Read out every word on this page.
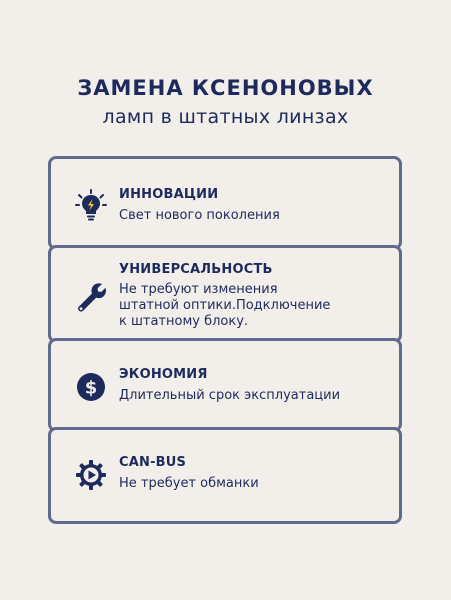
ЗАМЕНА КСЕНОНОВЫХ
ламп в штатных линзах
ИННОВАЦИИ
Свет нового поколения
УНИВЕРСАЛЬНОСТЬ
Не требуют изменения
штатной оптики.Подключение
к штатному блоку.
$
ЭКОНОМИЯ
Длительный срок эксплуатации
CAN-BUS
Не требует обманки
